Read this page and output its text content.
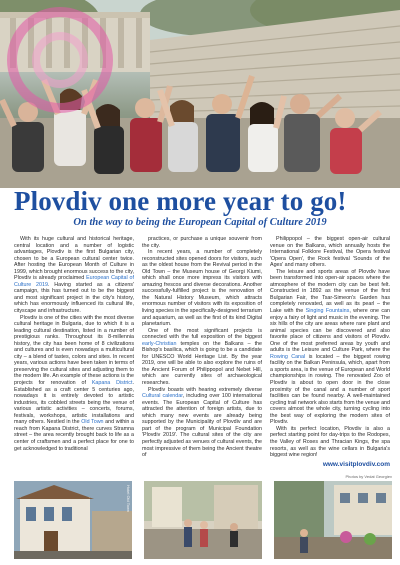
Plovdiv one more year to go!
On the way to being the European Capital of Culture 2019

With its huge cultural and historical heritage, central location and a number of logistic advantages, Plovdiv is the first Bulgarian city, chosen to be a European cultural center twice. After hosting the European Month of Culture in 1999, which brought enormous success to the city, Plovdiv is already proclaimed European Capital of Culture 2019. Having started as a citizens' campaign, this has turned out to be the biggest and most significant project in the city's history, which has enormously influenced its cultural life, cityscape and infrastructure.

Plovdiv is one of the cities with the most diverse cultural heritage in Bulgaria, due to which it is a leading cultural destination, listed in a number of prestigious ranks. Throughout its 8-millennia history, the city has been home of 8 civilizations and cultures and is even nowadays a multicultural city – a blend of tastes, colors and sites. In recent years, various actions have been taken in terms of preserving the cultural sites and adjusting them to the modern life. An example of these actions is the projects for renovation of Kapana District. Established as a craft center 5 centuries ago, nowadays it is entirely devoted to artistic industries, its cobbled streets being the venue of various artistic activities – concerts, forums, festivals, workshops, artistic installations and many others. Nestled in the Old Town and within a reach from Kapana District, there curves Stramna street – the area recently brought back to life as a center of craftsmen and a perfect place for one to get acknowledged to traditional

practices, or purchase a unique souvenir from the city.

In recent years, a number of completely reconstructed sites opened doors for visitors, such as the oldest house from the Revival period in the Old Town – the Museum house of Georgi Kiumi, which shall once more impress its visitors with amazing frescos and diverse decorations. Another successfully-fulfilled project is the renovation of the Natural History Museum, which attracts enormous number of visitors with its exposition of living species in the specifically-designed terrarium and aquarium, as well as the first of its kind Digital planetarium.

One of the most significant projects is connected with the full exposition of the biggest early-Christian temples on the Balkans – the Bishop's basilica, which is going to be a candidate for UNESCO World Heritage List. By the year 2019, one will be able to also explore the ruins of the Ancient Forum of Philippopol and Nebet Hill, which are currently sites of archaeological researches.

Plovdiv boasts with hearing extremely diverse Cultural calendar, including over 100 international events. The European Capital of Culture has attracted the attention of foreign artists, due to which many new events are already being supported by the Municipality of Plovdiv and are part of the program of Municipal Foundation 'Plovdiv 2019'. The cultural sites of the city are perfectly adjusted as venues of cultural events, the most impressive of them being the Ancient theatre of

Philippopol – the biggest open-air cultural venue on the Balkans, which annually hosts the International Folklore Festival, the Opera festival 'Opera Open', the Rock festival 'Sounds of the Ages' and many others.

The leisure and sports areas of Plovdiv have been transformed into open-air spaces where the atmosphere of the modern city can be best felt. Constructed in 1892 as the venue of the first Bulgarian Fair, the Tsar-Simeon's Garden has completely renovated, as well as its pearl – the Lake with the Singing Fountains, where one can enjoy a fairy of light and music in the evening. The six hills of the city are areas where rare plant and animal species can be discovered and also favorite place of citizens and visitors of Plovdiv. One of the most preferred areas by youth and adults is the Leisure and Culture Park, where the Rowing Canal is located – the biggest rowing facility on the Balkan Peninsula, which, apart from a sports area, is the venue of European and World championships in rowing. The renovated Zoo of Plovdiv is about to open door in the close proximity of the canal and a number of sport facilities can be found nearby. A well-maintained cycling trail network also starts from the venue and covers almost the whole city, turning cycling into the best way of exploring the modern sites of Plovdiv.

With its perfect location, Plovdiv is also a perfect starting point for day-trips to the Rodopes, the Valley of Roses and Thracian Kings, the spa resorts, as well as the wine cellars in Bulgaria's biggest wine region!

www.visitplovdiv.com
Photos by Vedat Georgiev
Hotel Old Town
